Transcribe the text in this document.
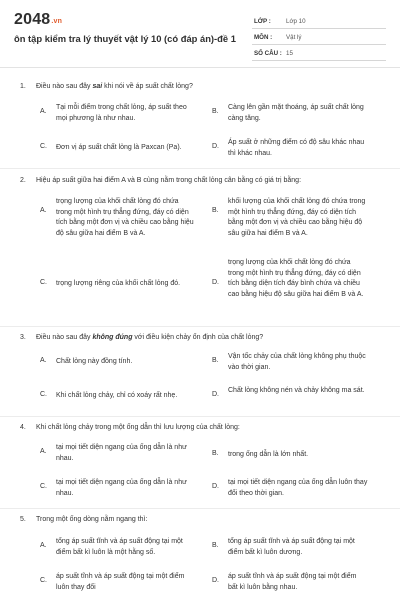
2048.vn
ôn tập kiểm tra lý thuyết vật lý 10 (có đáp án)-đề 1
LỚP : Lớp 10
MÔN : Vật lý
SỐ CÂU : 15
1. Điều nào sau đây sai khi nói về áp suất chất lỏng?
A.
Tại mỗi điểm trong chất lỏng, áp suất theo mọi phương là như nhau.
B.
Càng lên gần mặt thoáng, áp suất chất lỏng càng tăng.
C. Đơn vị áp suất chất lỏng là Paxcan (Pa).	D.
Áp suất ở những điểm có độ sâu khác nhau thì khác nhau.
2. Hiệu áp suất giữa hai điểm A và B cùng nằm trong chất lỏng cân bằng có giá trị bằng:
A.
trọng lượng của khối chất lỏng đó chứa trong một hình trụ thẳng đứng, đáy có diện tích bằng một đơn vị và chiều cao bằng hiệu độ sâu giữa hai điểm B và A.
B.
khối lượng của khối chất lỏng đó chứa trong một hình trụ thẳng đứng, đáy có diện tích bằng một đơn vị và chiều cao bằng hiệu độ sâu giữa hai điểm B và A.
C. trọng lượng riêng của khối chất lỏng đó.	D.
trọng lượng của khối chất lỏng đó chứa trong một hình trụ thẳng đứng, đáy có diện tích bằng diện tích đáy bình chứa và chiều cao bằng hiệu độ sâu giữa hai điểm B và A.
3. Điều nào sau đây không đúng với điều kiện chảy ổn định của chất lỏng?
A. Chất lỏng này đồng tính.	B.
Vận tốc chảy của chất lỏng không phụ thuộc vào thời gian.
C. Khi chất lỏng chảy, chỉ có xoáy rất nhẹ.	D.
Chất lỏng không nén và chảy không ma sát.
4. Khi chất lỏng chảy trong một ống dẫn thì lưu lượng của chất lỏng:
A.
tại mọi tiết diện ngang của ống dẫn là như nhau.
B. trong ống dẫn là lớn nhất.
C.
tại mọi tiết diện ngang của ống dẫn là như nhau.
D.
tại mọi tiết diện ngang của ống dẫn luôn thay đổi theo thời gian.
5. Trong một ống dòng nằm ngang thì:
A.
tổng áp suất tĩnh và áp suất động tại một điểm bất kì luôn là một hằng số.
B.
tổng áp suất tĩnh và áp suất động tại một điểm bất kì luôn dương.
C.
áp suất tĩnh và áp suất động tại một điểm luôn thay đổi
D.
áp suất tĩnh và áp suất động tại một điểm bất kì luôn bằng nhau.
